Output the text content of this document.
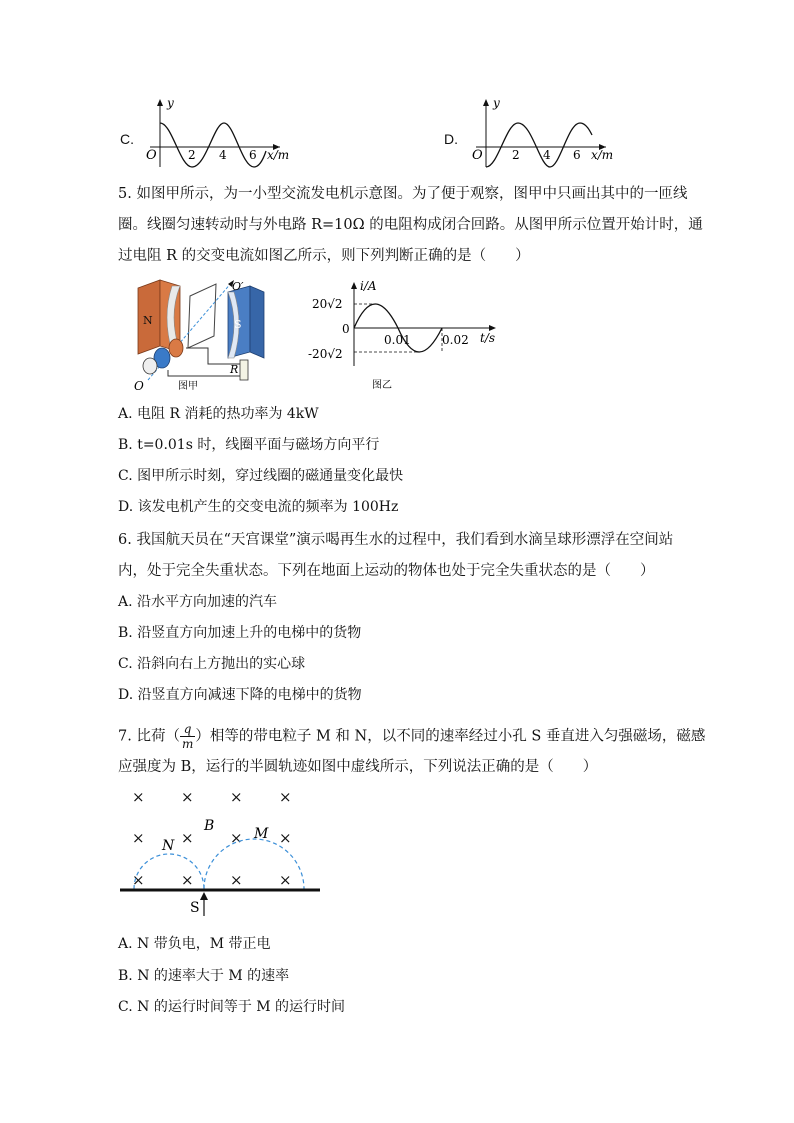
C.
y
O	2 4 6 x/m
D.
y
O 2 4 6 x/m
5. 如图甲所示，为一小型交流发电机示意图。为了便于观察，图甲中只画出其中的一匝线
圈。线圈匀速转动时与外电路 R=10Ω 的电阻构成闭合回路。从图甲所示位置开始计时，通
过电阻 R 的交变电流如图乙所示，则下列判断正确的是（　　）
N	S
O′
R
O	图甲
i/A
20√2
0
-20√2
0.01	0.02 t/s
图乙
A. 电阻 R 消耗的热功率为 4kW
B. t=0.01s 时，线圈平面与磁场方向平行
C. 图甲所示时刻，穿过线圈的磁通量变化最快
D. 该发电机产生的交变电流的频率为 100Hz
6. 我国航天员在“天宫课堂”演示喝再生水的过程中，我们看到水滴呈球形漂浮在空间站
内，处于完全失重状态。下列在地面上运动的物体也处于完全失重状态的是（　　）
A. 沿水平方向加速的汽车
B. 沿竖直方向加速上升的电梯中的货物
C. 沿斜向右上方抛出的实心球
D. 沿竖直方向减速下降的电梯中的货物
7. 比荷（ $\frac{q}{m}$ ）相等的带电粒子 M 和 N，以不同的速率经过小孔 S 垂直进入匀强磁场，磁感
应强度为 B，运行的半圆轨迹如图中虚线所示，下列说法正确的是（　　）
× × × ×
× × × ×
× × × ×
B
N
M
S
A. N 带负电，M 带正电
B. N 的速率大于 M 的速率
C. N 的运行时间等于 M 的运行时间
